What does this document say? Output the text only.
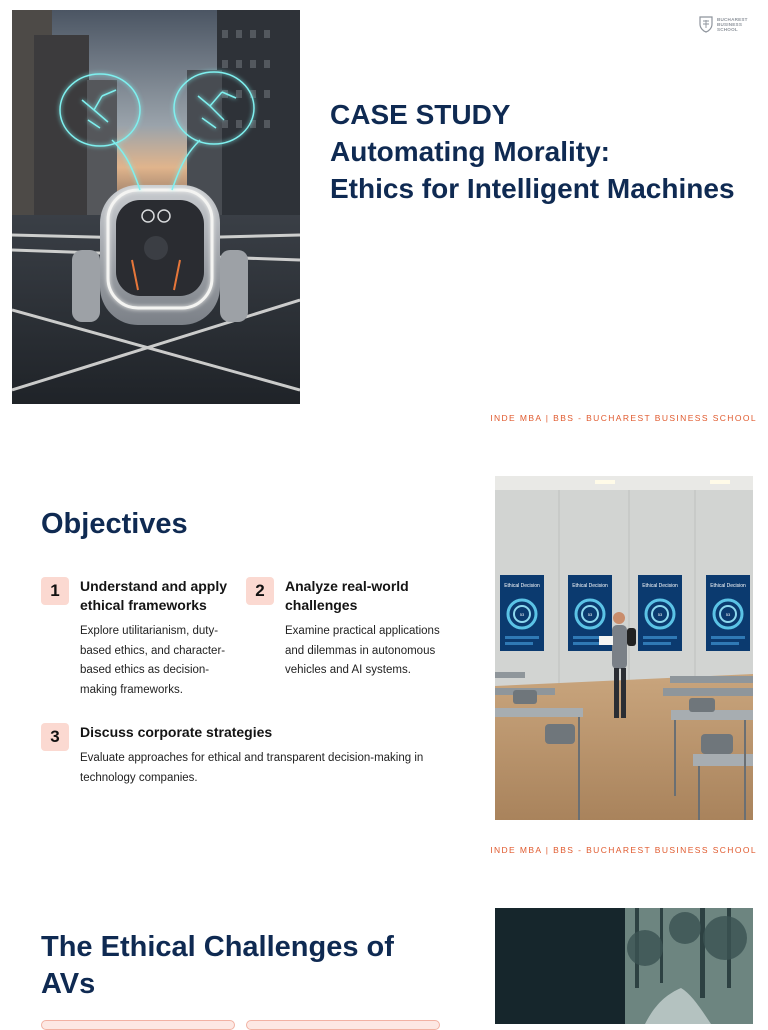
BUCHAREST
BUSINESS
SCHOOL
CASE STUDY
Automating Morality:
Ethics for Intelligent Machines
INDE MBA | BBS - BUCHAREST BUSINESS SCHOOL
Objectives
1	Understand and apply ethical frameworks
Explore utilitarianism, duty-based ethics, and character-based ethics as decision-making frameworks.
2	Analyze real-world challenges
Examine practical applications and dilemmas in autonomous vehicles and AI systems.
3	Discuss corporate strategies
Evaluate approaches for ethical and transparent decision-making in technology companies.
Ethical Decision
53
Ethical Decision
53
Ethical Decision
53
Ethical Decision
53
INDE MBA | BBS - BUCHAREST BUSINESS SCHOOL
The Ethical Challenges of AVs
